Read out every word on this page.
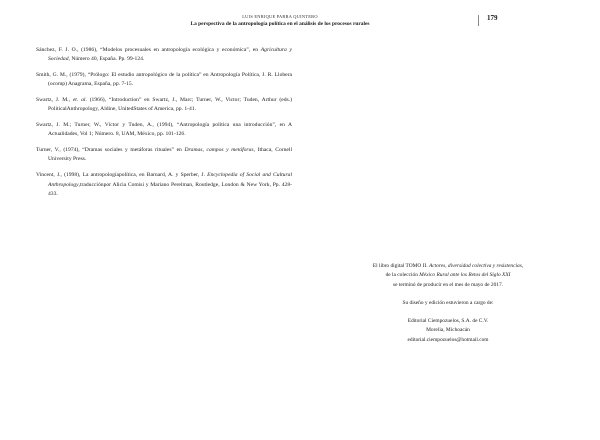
LUIS ENRIQUE PARRA QUINTERO
La perspectiva de la antropología política en el análisis de los procesos rurales
179
Sánchez, F. J. O., (1986), “Modelos procesuales en antropología ecológica y económica”, en Agricultura y Sociedad, Número 40, España. Pp. 99-124.
Smith, G. M., (1979), “Prólogo: El estudio antropológico de la política” en Antropología Política, J. R. Llobera (ocomp) Anagrama, España, pp. 7-15.
Swartz, J. M., et. al. (1966), “Introduction” en Swartz, J., Marc; Turner, W., Victor; Tuden, Arthur (eds.) PoliticalAnthropology, Aldine, UnitedStates of America, pp. 1-41.
Swartz, J. M.; Turner, W., Víctor y Tuden, A., (1994), “Antropología política una introducción”, en A Actualidades, Vol 1; Número. 8, UAM, México, pp. 101-126.
Turner, V., (1974), “Dramas sociales y metáforas rituales” en Dramas, campos y metáforas, Ithaca, Cornell University Press.
Vincent, J., (1998), La antropologíapolítica, en Barnard, A. y Sperber, J. Encyclopedia of Social and Cultural Anthropology,traducciónpor Alicia Comisi y Mariano Perelman, Routledge, London & New York, Pp. 428-433.

El libro digital TOMO II. Actores, diversidad colectiva y resistencias,

de la colección México Rural ante los Retos del Siglo XXI

se terminó de producir en el mes de mayo de 2017.

Su diseño y edición estuvieron a cargo de:

Editorial Ciempozuelos, S.A. de C.V.

Morelia, Michoacán

editorial.ciempozuelos@hotmail.com
